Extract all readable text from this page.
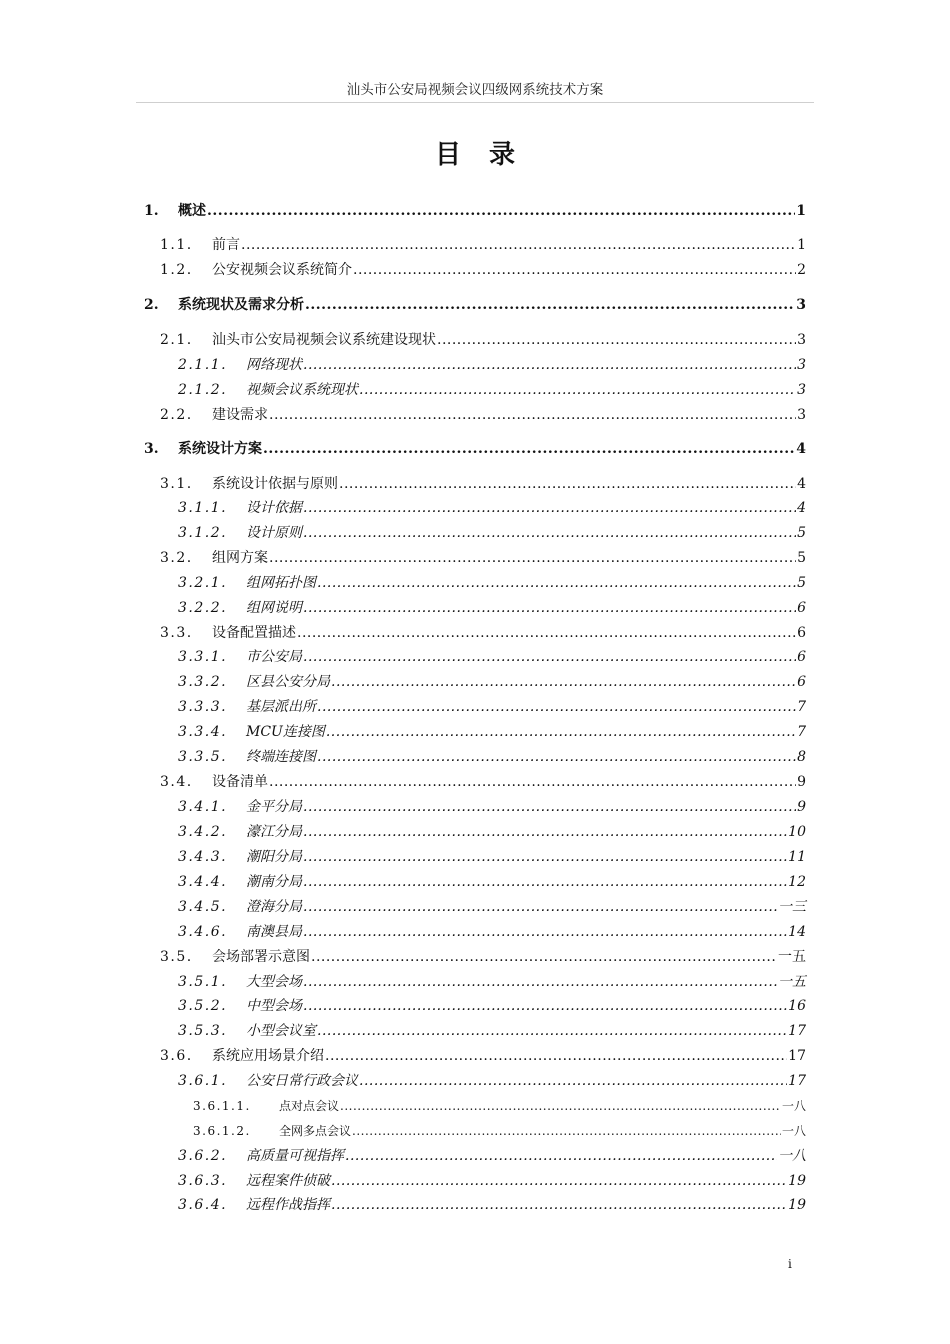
汕头市公安局视频会议四级网系统技术方案
目录
1.	概述 .....	1
1.1.	前言 .....	1
1.2.	公安视频会议系统简介 .....	2
2.	系统现状及需求分析 .....	3
2.1.	汕头市公安局视频会议系统建设现状 .....	3
2.1.1.	网络现状 .....	3
2.1.2.	视频会议系统现状 .....	3
2.2.	建设需求 .....	3
3.	系统设计方案 .....	4
3.1.	系统设计依据与原则 .....	4
3.1.1.	设计依据 .....	4
3.1.2.	设计原则 .....	5
3.2.	组网方案 .....	5
3.2.1.	组网拓扑图 .....	5
3.2.2.	组网说明 .....	6
3.3.	设备配置描述 .....	6
3.3.1.	市公安局 .....	6
3.3.2.	区县公安分局 .....	6
3.3.3.	基层派出所 .....	7
3.3.4.	MCU连接图 .....	7
3.3.5.	终端连接图 .....	8
3.4.	设备清单 .....	9
3.4.1.	金平分局 .....	9
3.4.2.	濠江分局 .....	10
3.4.3.	潮阳分局 .....	11
3.4.4.	潮南分局 .....	12
3.4.5.	澄海分局 .....	一三
3.4.6.	南澳县局 .....	14
3.5.	会场部署示意图 .....	一五
3.5.1.	大型会场 .....	一五
3.5.2.	中型会场 .....	16
3.5.3.	小型会议室 .....	17
3.6.	系统应用场景介绍 .....	17
3.6.1.	公安日常行政会议 .....	17
3.6.1.1.	点对点会议 .....	一八
3.6.1.2.	全网多点会议 .....	一八
3.6.2.	高质量可视指挥 .....	一八
3.6.3.	远程案件侦破 .....	19
3.6.4.	远程作战指挥 .....	19
i
